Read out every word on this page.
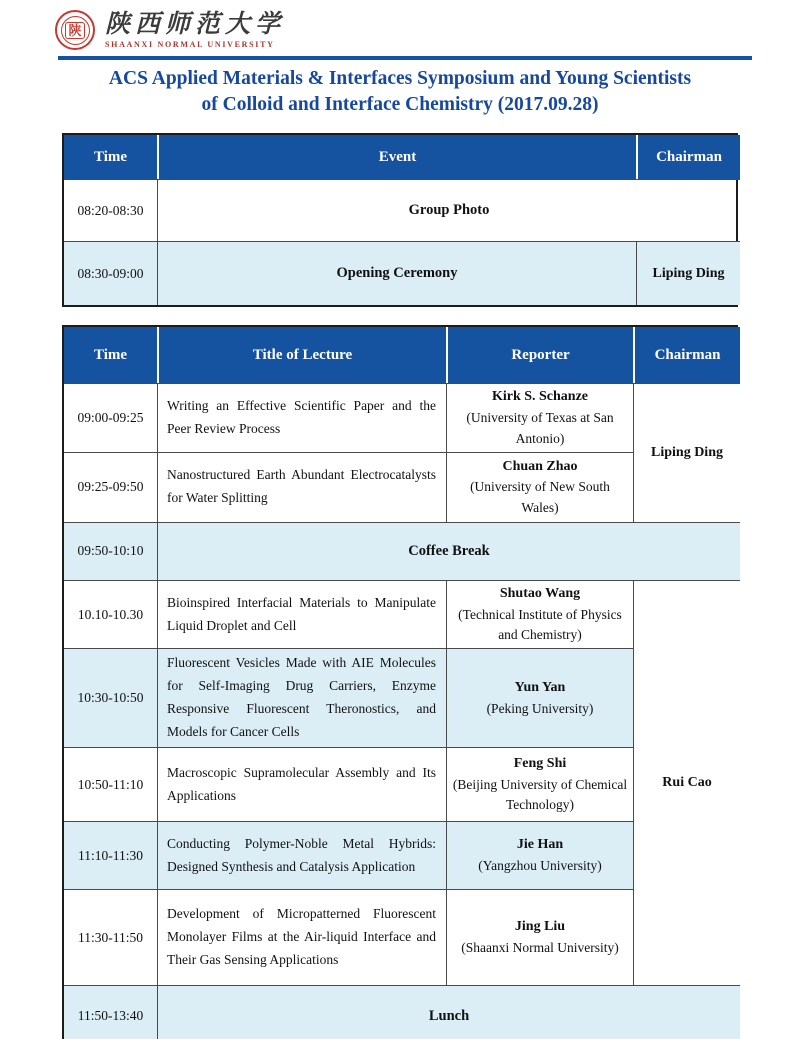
陕 陕西师范大学
SHAANXI NORMAL UNIVERSITY
ACS Applied Materials & Interfaces Symposium and Young Scientists
of Colloid and Interface Chemistry (2017.09.28)
Time	Event	Chairman
08:20-08:30	Group Photo	
08:30-09:00	Opening Ceremony	Liping Ding
Time	Title of Lecture	Reporter	Chairman
09:00-09:25	Writing an Effective Scientific Paper and the Peer Review Process	Kirk S. Schanze
(University of Texas at San Antonio)	Liping Ding
09:25-09:50	Nanostructured Earth Abundant Electrocatalysts for Water Splitting	Chuan Zhao
(University of New South Wales)	

09:50-10:10	Coffee Break		
10.10-10.30	Bioinspired Interfacial Materials to Manipulate Liquid Droplet and Cell	Shutao Wang
(Technical Institute of Physics and Chemistry)	Rui Cao
10:30-10:50	Fluorescent Vesicles Made with AIE Molecules for Self-Imaging Drug Carriers, Enzyme Responsive Fluorescent Theronostics, and Models for Cancer Cells	Yun Yan
(Peking University)	

10:50-11:10	Macroscopic Supramolecular Assembly and Its Applications	Feng Shi
(Beijing University of Chemical Technology)	

11:10-11:30	Conducting Polymer-Noble Metal Hybrids: Designed Synthesis and Catalysis Application	Jie Han
(Yangzhou University)	

11:30-11:50	Development of Micropatterned Fluorescent Monolayer Films at the Air-liquid Interface and Their Gas Sensing Applications	Jing Liu
(Shaanxi Normal University)	

11:50-13:40	Lunch		
